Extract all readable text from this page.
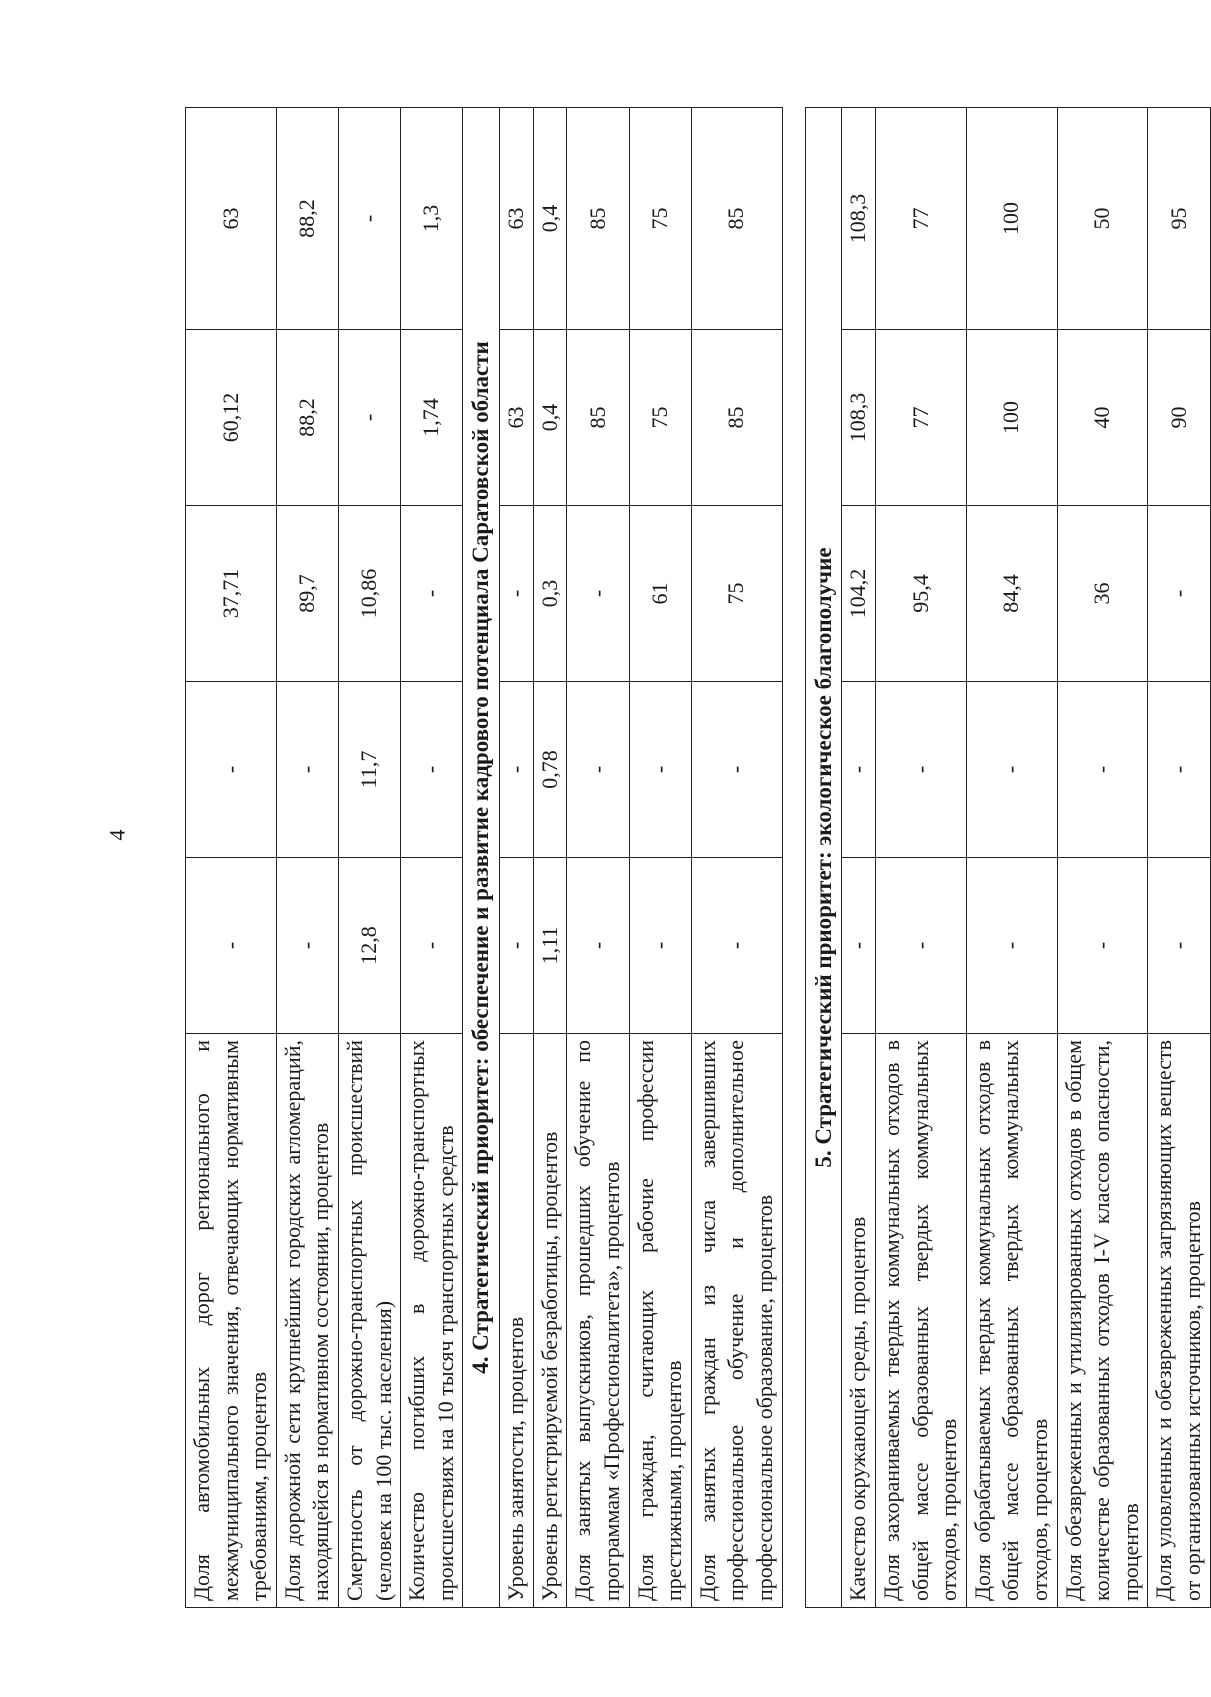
4
Доля автомобильных дорог регионального и межмуниципального значения, отвечающих нормативным требованиям, процентов	-	-	37,71	60,12	63
Доля дорожной сети крупнейших городских агломераций, находящейся в нормативном состоянии, процентов	-	-	89,7	88,2	88,2
Смертность от дорожно-транспортных происшествий (человек на 100 тыс. населения)	12,8	11,7	10,86	-	-
Количество погибших в дорожно-транспортных происшествиях на 10 тысяч транспортных средств	-	-	-	1,74	1,3
4. Стратегический приоритет: обеспечение и развитие кадрового потенциала Саратовской области					
Уровень занятости, процентов	-	-	-	63	63
Уровень регистрируемой безработицы, процентов	1,11	0,78	0,3	0,4	0,4
Доля занятых выпускников, прошедших обучение по программам «Профессионалитета», процентов	-	-	-	85	85
Доля граждан, считающих рабочие профессии престижными, процентов	-	-	61	75	75
Доля занятых граждан из числа завершивших профессиональное обучение и дополнительное профессиональное образование, процентов	-	-	75	85	85

5. Стратегический приоритет: экологическое благополучие					
Качество окружающей среды, процентов	-	-	104,2	108,3	108,3
Доля захораниваемых твердых коммунальных отходов в общей массе образованных твердых коммунальных отходов, процентов	-	-	95,4	77	77
Доля обрабатываемых твердых коммунальных отходов в общей массе образованных твердых коммунальных отходов, процентов	-	-	84,4	100	100
Доля обезвреженных и утилизированных отходов в общем количестве образованных отходов I-V классов опасности, процентов	-	-	36	40	50
Доля уловленных и обезвреженных загрязняющих веществ от организованных источников, процентов	-	-	-	90	95
